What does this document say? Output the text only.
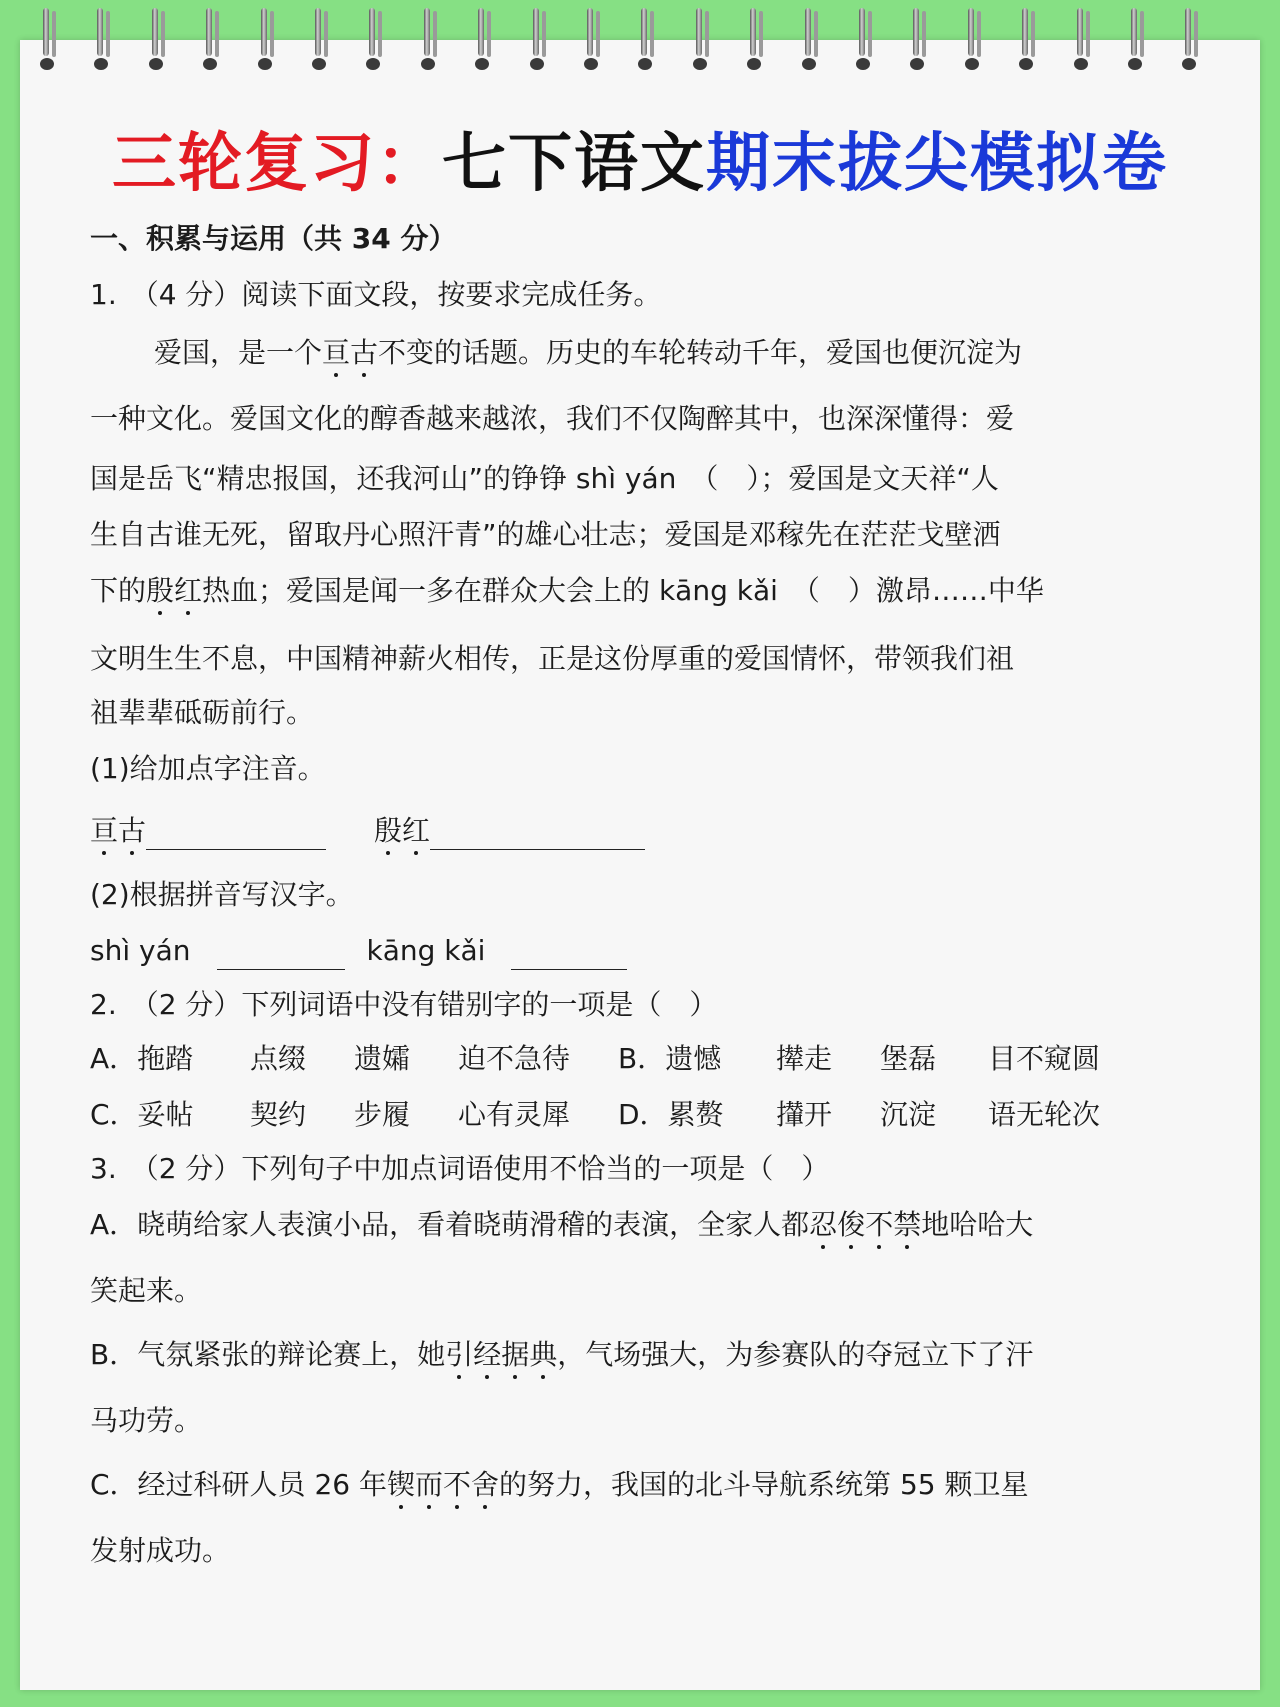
三轮复习：七下语文期末拔尖模拟卷
一、积累与运用（共 34 分）
1.　（4 分）阅读下面文段，按要求完成任务。
爱国，是一个亘古不变的话题。历史的车轮转动千年，爱国也便沉淀为
一种文化。爱国文化的醇香越来越浓，我们不仅陶醉其中，也深深懂得：爱
国是岳飞“精忠报国，还我河山”的铮铮 shì yán　（　）；爱国是文天祥“人
生自古谁无死，留取丹心照汗青”的雄心壮志；爱国是邓稼先在茫茫戈壁洒
下的殷红热血；爱国是闻一多在群众大会上的 kāng kǎi　（　）激昂……中华
文明生生不息，中国精神薪火相传，正是这份厚重的爱国情怀，带领我们祖
祖辈辈砥砺前行。
(1)给加点字注音。
亘古	殷红
(2)根据拼音写汉字。
shì yán	kāng kǎi
2.　（2 分）下列词语中没有错别字的一项是（　）
A．拖踏 点缀 遗孀 迫不急待 B．遗憾 撵走 堡磊 目不窥圆
C．妥帖 契约 步履 心有灵犀 D．累赘 攆开 沉淀 语无轮次
3.　（2 分）下列句子中加点词语使用不恰当的一项是（　）
A．晓萌给家人表演小品，看着晓萌滑稽的表演，全家人都忍俊不禁地哈哈大
笑起来。
B．气氛紧张的辩论赛上，她引经据典，气场强大，为参赛队的夺冠立下了汗
马功劳。
C．经过科研人员 26 年锲而不舍的努力，我国的北斗导航系统第 55 颗卫星
发射成功。
